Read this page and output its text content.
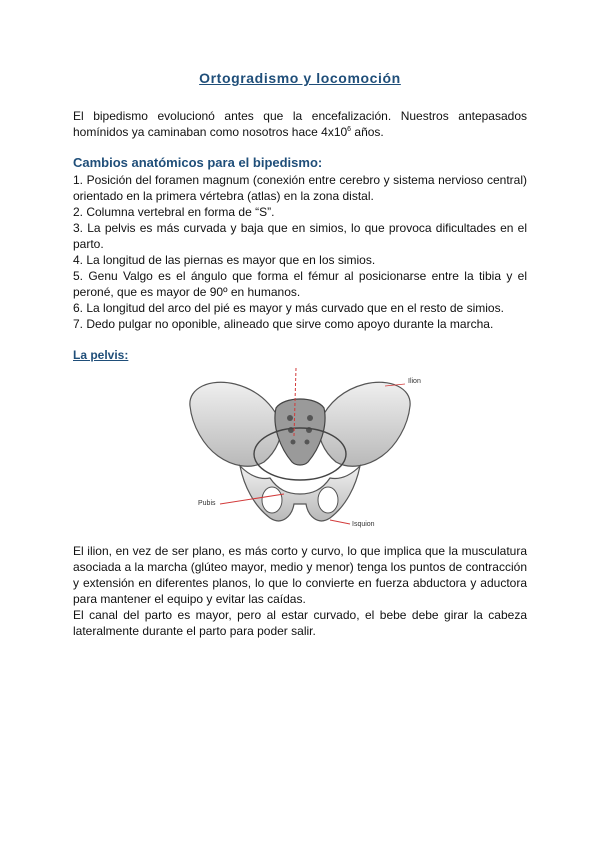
Ortogradismo y locomoción
El bipedismo evolucionó antes que la encefalización. Nuestros antepasados homínidos ya caminaban como nosotros hace $4x10^6$ años.
Cambios anatómicos para el bipedismo:
1. Posición del foramen magnum (conexión entre cerebro y sistema nervioso central) orientado en la primera vértebra (atlas) en la zona distal.
2. Columna vertebral en forma de “S”.
3. La pelvis es más curvada y baja que en simios, lo que provoca dificultades en el parto.
4. La longitud de las piernas es mayor que en los simios.
5. Genu Valgo es el ángulo que forma el fémur al posicionarse entre la tibia y el peroné, que es mayor de 90º en humanos.
6. La longitud del arco del pié es mayor y más curvado que en el resto de simios.
7. Dedo pulgar no oponible, alineado que sirve como apoyo durante la marcha.
La pelvis:
Ilion
Pubis
Isquion
El ilion, en vez de ser plano, es más corto y curvo, lo que implica que la musculatura asociada a la marcha (glúteo mayor, medio y menor) tenga los puntos de contracción y extensión en diferentes planos, lo que lo convierte en fuerza abductora y aductora para mantener el equipo y evitar las caídas.
El canal del parto es mayor, pero al estar curvado, el bebe debe girar la cabeza lateralmente durante el parto para poder salir.
